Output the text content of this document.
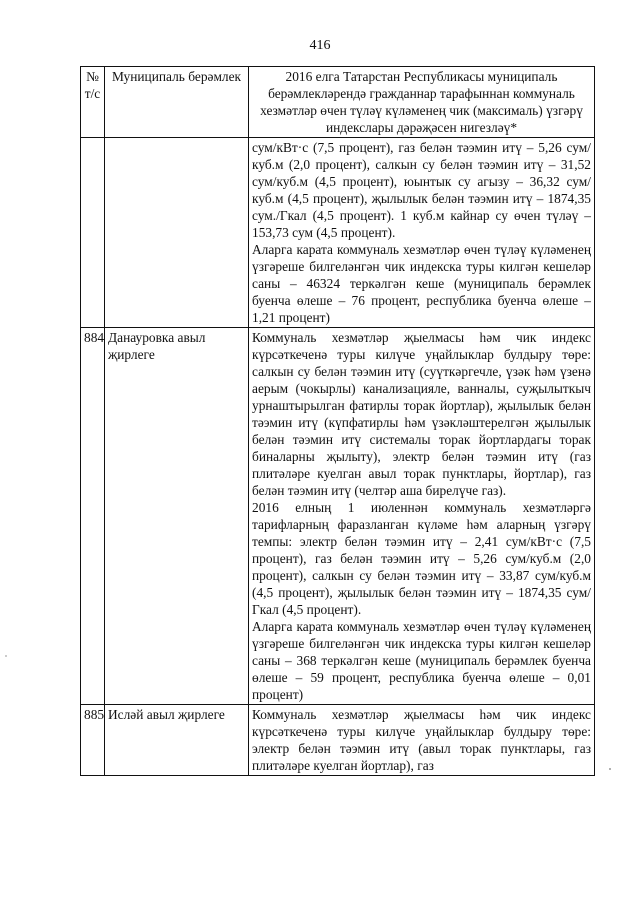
416
№ т/с	Муниципаль берәмлек	2016 елга Татарстан Республикасы муниципаль берәмлекләрендә гражданнар тарафыннан коммуналь хезмәтләр өчен түләү күләменең чик (максималь) үзгәрү индекслары дәрәҗәсен нигезләү*

		сум/кВт·с (7,5 процент), газ белән тәэмин итү – 5,26 сум/куб.м (2,0 процент), салкын су белән тәэмин итү – 31,52 сум/куб.м (4,5 процент), юынтык су агызу – 36,32 сум/куб.м (4,5 процент), җылылык белән тәэмин итү – 1874,35 сум./Гкал (4,5 процент). 1 куб.м кайнар су өчен түләү –153,73 сум (4,5 процент).

Аларга карата коммуналь хезмәтләр өчен түләү күләменең үзгәреше билгеләнгән чик индекска туры килгән кешеләр саны – 46324 теркәлгән кеше (муниципаль берәмлек буенча өлеше – 76 процент, республика буенча өлеше – 1,21 процент)

884	Данауровка авыл җирлеге	Коммуналь хезмәтләр җыелмасы һәм чик индекс күрсәткеченә туры килүче уңайлыклар булдыру төре: салкын су белән тәэмин итү (суүткәргечле, үзәк һәм үзенә аерым (чокырлы) канализацияле, ванналы, суҗылыткыч урнаштырылган фатирлы торак йортлар), җылылык белән тәэмин итү (күпфатирлы һәм үзәкләштерелгән җылылык белән тәэмин итү системалы торак йортлардагы торак биналарны җылыту), электр белән тәэмин итү (газ плитәләре куелган авыл торак пунктлары, йортлар), газ белән тәэмин итү (челтәр аша бирелүче газ).

2016 елның 1 июленнән коммуналь хезмәтләргә тарифларның фаразланган күләме һәм аларның үзгәрү темпы: электр белән тәэмин итү – 2,41 сум/кВт·с (7,5 процент), газ белән тәэмин итү – 5,26 сум/куб.м (2,0 процент), салкын су белән тәэмин итү – 33,87 сум/куб.м (4,5 процент), җылылык белән тәэмин итү – 1874,35 сум/Гкал (4,5 процент).

Аларга карата коммуналь хезмәтләр өчен түләү күләменең үзгәреше билгеләнгән чик индекска туры килгән кешеләр саны – 368 теркәлгән кеше (муниципаль берәмлек буенча өлеше – 59 процент, республика буенча өлеше – 0,01 процент)

885	Исләй авыл җирлеге	Коммуналь хезмәтләр җыелмасы һәм чик индекс күрсәткеченә туры килүче уңайлыклар булдыру төре: электр белән тәэмин итү (авыл торак пунктлары, газ плитәләре куелган йортлар), газ
